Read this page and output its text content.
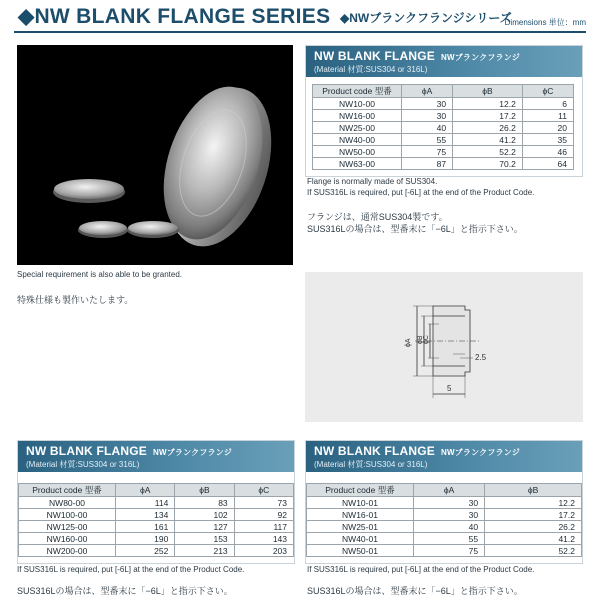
◆NW BLANK FLANGE SERIES ◆NWブランクフランジシリーズ
Dimensions 単位：mm
Special requirement is also able to be granted.
特殊仕様も製作いたします。
NW BLANK FLANGE NWブランクフランジ
(Material 材質:SUS304 or 316L)
Product code 型番	ϕA	ϕB	ϕC
NW10-00	30	12.2	6
NW16-00	30	17.2	11
NW25-00	40	26.2	20
NW40-00	55	41.2	35
NW50-00	75	52.2	46
NW63-00	87	70.2	64
Flange is normally made of SUS304.
If SUS316L is required, put [-6L] at the end of the Product Code.
フランジは、通常SUS304製です。
SUS316Lの場合は、型番末に「−6L」と指示下さい。
ϕA ϕB ϕC
2.5
5
NW BLANK FLANGE NWブランクフランジ
(Material 材質:SUS304 or 316L)
Product code 型番	ϕA	ϕB	ϕC
NW80-00	114	83	73
NW100-00	134	102	92
NW125-00	161	127	117
NW160-00	190	153	143
NW200-00	252	213	203
If SUS316L is required, put [-6L] at the end of the Product Code.
SUS316Lの場合は、型番末に「−6L」と指示下さい。
NW BLANK FLANGE NWブランクフランジ
(Material 材質:SUS304 or 316L)
Product code 型番	ϕA	ϕB
NW10-01	30	12.2
NW16-01	30	17.2
NW25-01	40	26.2
NW40-01	55	41.2
NW50-01	75	52.2
If SUS316L is required, put [-6L] at the end of the Product Code.
SUS316Lの場合は、型番末に「−6L」と指示下さい。
